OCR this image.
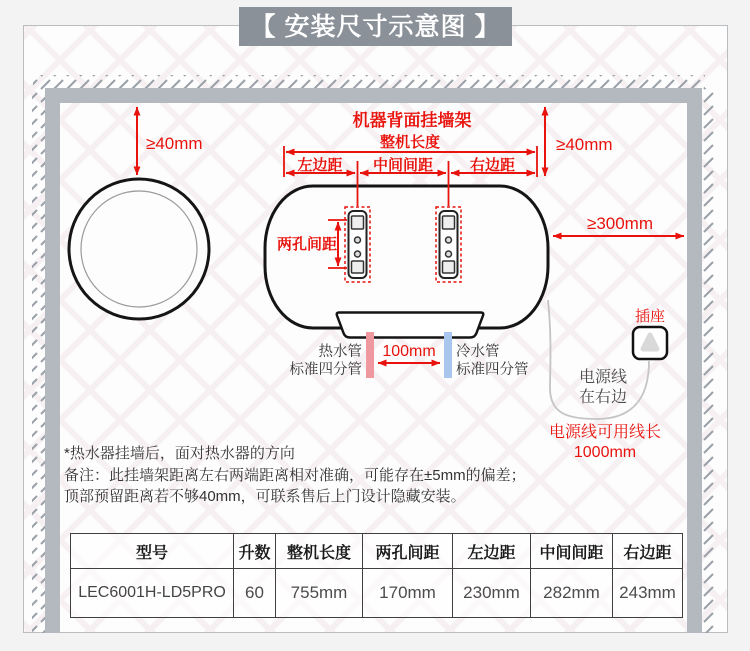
【 安装尺寸示意图 】
≥40mm
机器背面挂墙架
整机长度
左边距 中间间距 右边距
两孔间距
≥40mm
≥300mm
100mm
热水管
标准四分管
冷水管
标准四分管
插座
电源线
在右边
电源线可用线长
1000mm
*热水器挂墙后，面对热水器的方向
备注：此挂墙架距离左右两端距离相对准确，可能存在±5mm的偏差；
顶部预留距离若不够40mm，可联系售后上门设计隐藏安装。
型号	升数	整机长度	两孔间距	左边距	中间间距	右边距
LEC6001H-LD5PRO	60	755mm	170mm	230mm	282mm	243mm
